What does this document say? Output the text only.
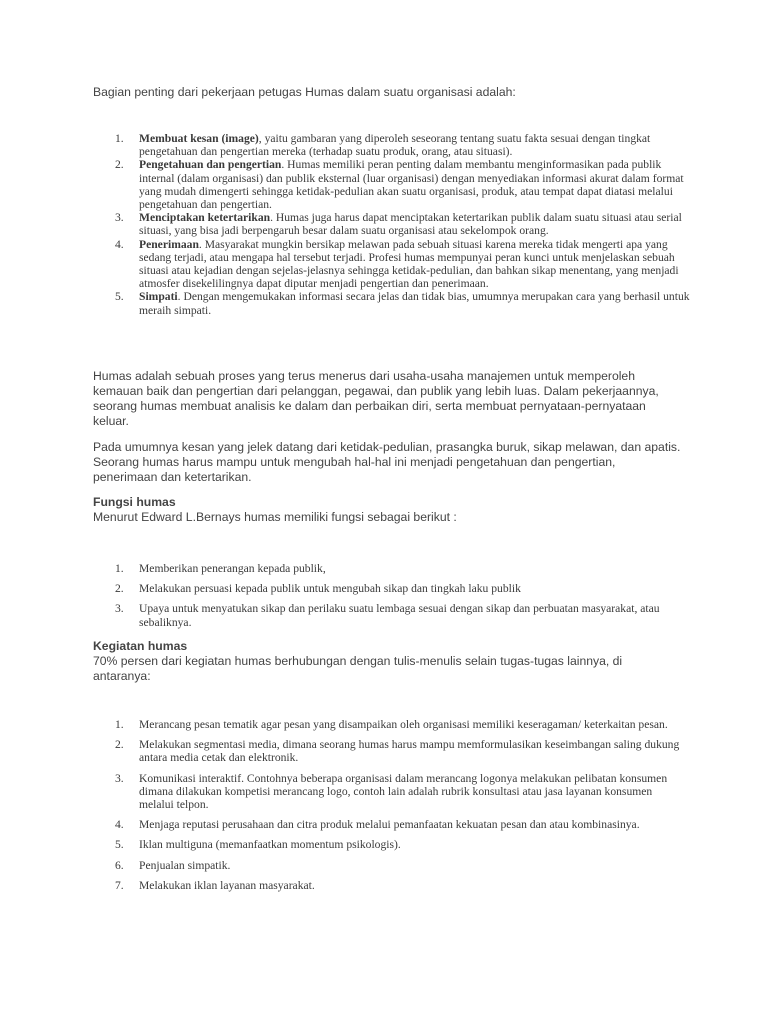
Bagian penting dari pekerjaan petugas Humas dalam suatu organisasi adalah:

1. Membuat kesan (image), yaitu gambaran yang diperoleh seseorang tentang suatu fakta sesuai dengan tingkat pengetahuan dan pengertian mereka (terhadap suatu produk, orang, atau situasi).
2. Pengetahuan dan pengertian. Humas memiliki peran penting dalam membantu menginformasikan pada publik internal (dalam organisasi) dan publik eksternal (luar organisasi) dengan menyediakan informasi akurat dalam format yang mudah dimengerti sehingga ketidak-pedulian akan suatu organisasi, produk, atau tempat dapat diatasi melalui pengetahuan dan pengertian.
3. Menciptakan ketertarikan. Humas juga harus dapat menciptakan ketertarikan publik dalam suatu situasi atau serial situasi, yang bisa jadi berpengaruh besar dalam suatu organisasi atau sekelompok orang.
4. Penerimaan. Masyarakat mungkin bersikap melawan pada sebuah situasi karena mereka tidak mengerti apa yang sedang terjadi, atau mengapa hal tersebut terjadi. Profesi humas mempunyai peran kunci untuk menjelaskan sebuah situasi atau kejadian dengan sejelas-jelasnya sehingga ketidak-pedulian, dan bahkan sikap menentang, yang menjadi atmosfer disekelilingnya dapat diputar menjadi pengertian dan penerimaan.
5. Simpati. Dengan mengemukakan informasi secara jelas dan tidak bias, umumnya merupakan cara yang berhasil untuk meraih simpati.

Humas adalah sebuah proses yang terus menerus dari usaha-usaha manajemen untuk memperoleh kemauan baik dan pengertian dari pelanggan, pegawai, dan publik yang lebih luas. Dalam pekerjaannya, seorang humas membuat analisis ke dalam dan perbaikan diri, serta membuat pernyataan-pernyataan keluar.

Pada umumnya kesan yang jelek datang dari ketidak-pedulian, prasangka buruk, sikap melawan, dan apatis. Seorang humas harus mampu untuk mengubah hal-hal ini menjadi pengetahuan dan pengertian, penerimaan dan ketertarikan.

Fungsi humas

Menurut Edward L.Bernays humas memiliki fungsi sebagai berikut :

1. Memberikan penerangan kepada publik,
2. Melakukan persuasi kepada publik untuk mengubah sikap dan tingkah laku publik
3. Upaya untuk menyatukan sikap dan perilaku suatu lembaga sesuai dengan sikap dan perbuatan masyarakat, atau sebaliknya.

Kegiatan humas

70% persen dari kegiatan humas berhubungan dengan tulis-menulis selain tugas-tugas lainnya, di antaranya:

1. Merancang pesan tematik agar pesan yang disampaikan oleh organisasi memiliki keseragaman/ keterkaitan pesan.
2. Melakukan segmentasi media, dimana seorang humas harus mampu memformulasikan keseimbangan saling dukung antara media cetak dan elektronik.
3. Komunikasi interaktif. Contohnya beberapa organisasi dalam merancang logonya melakukan pelibatan konsumen dimana dilakukan kompetisi merancang logo, contoh lain adalah rubrik konsultasi atau jasa layanan konsumen melalui telpon.
4. Menjaga reputasi perusahaan dan citra produk melalui pemanfaatan kekuatan pesan dan atau kombinasinya.
5. Iklan multiguna (memanfaatkan momentum psikologis).
6. Penjualan simpatik.
7. Melakukan iklan layanan masyarakat.
